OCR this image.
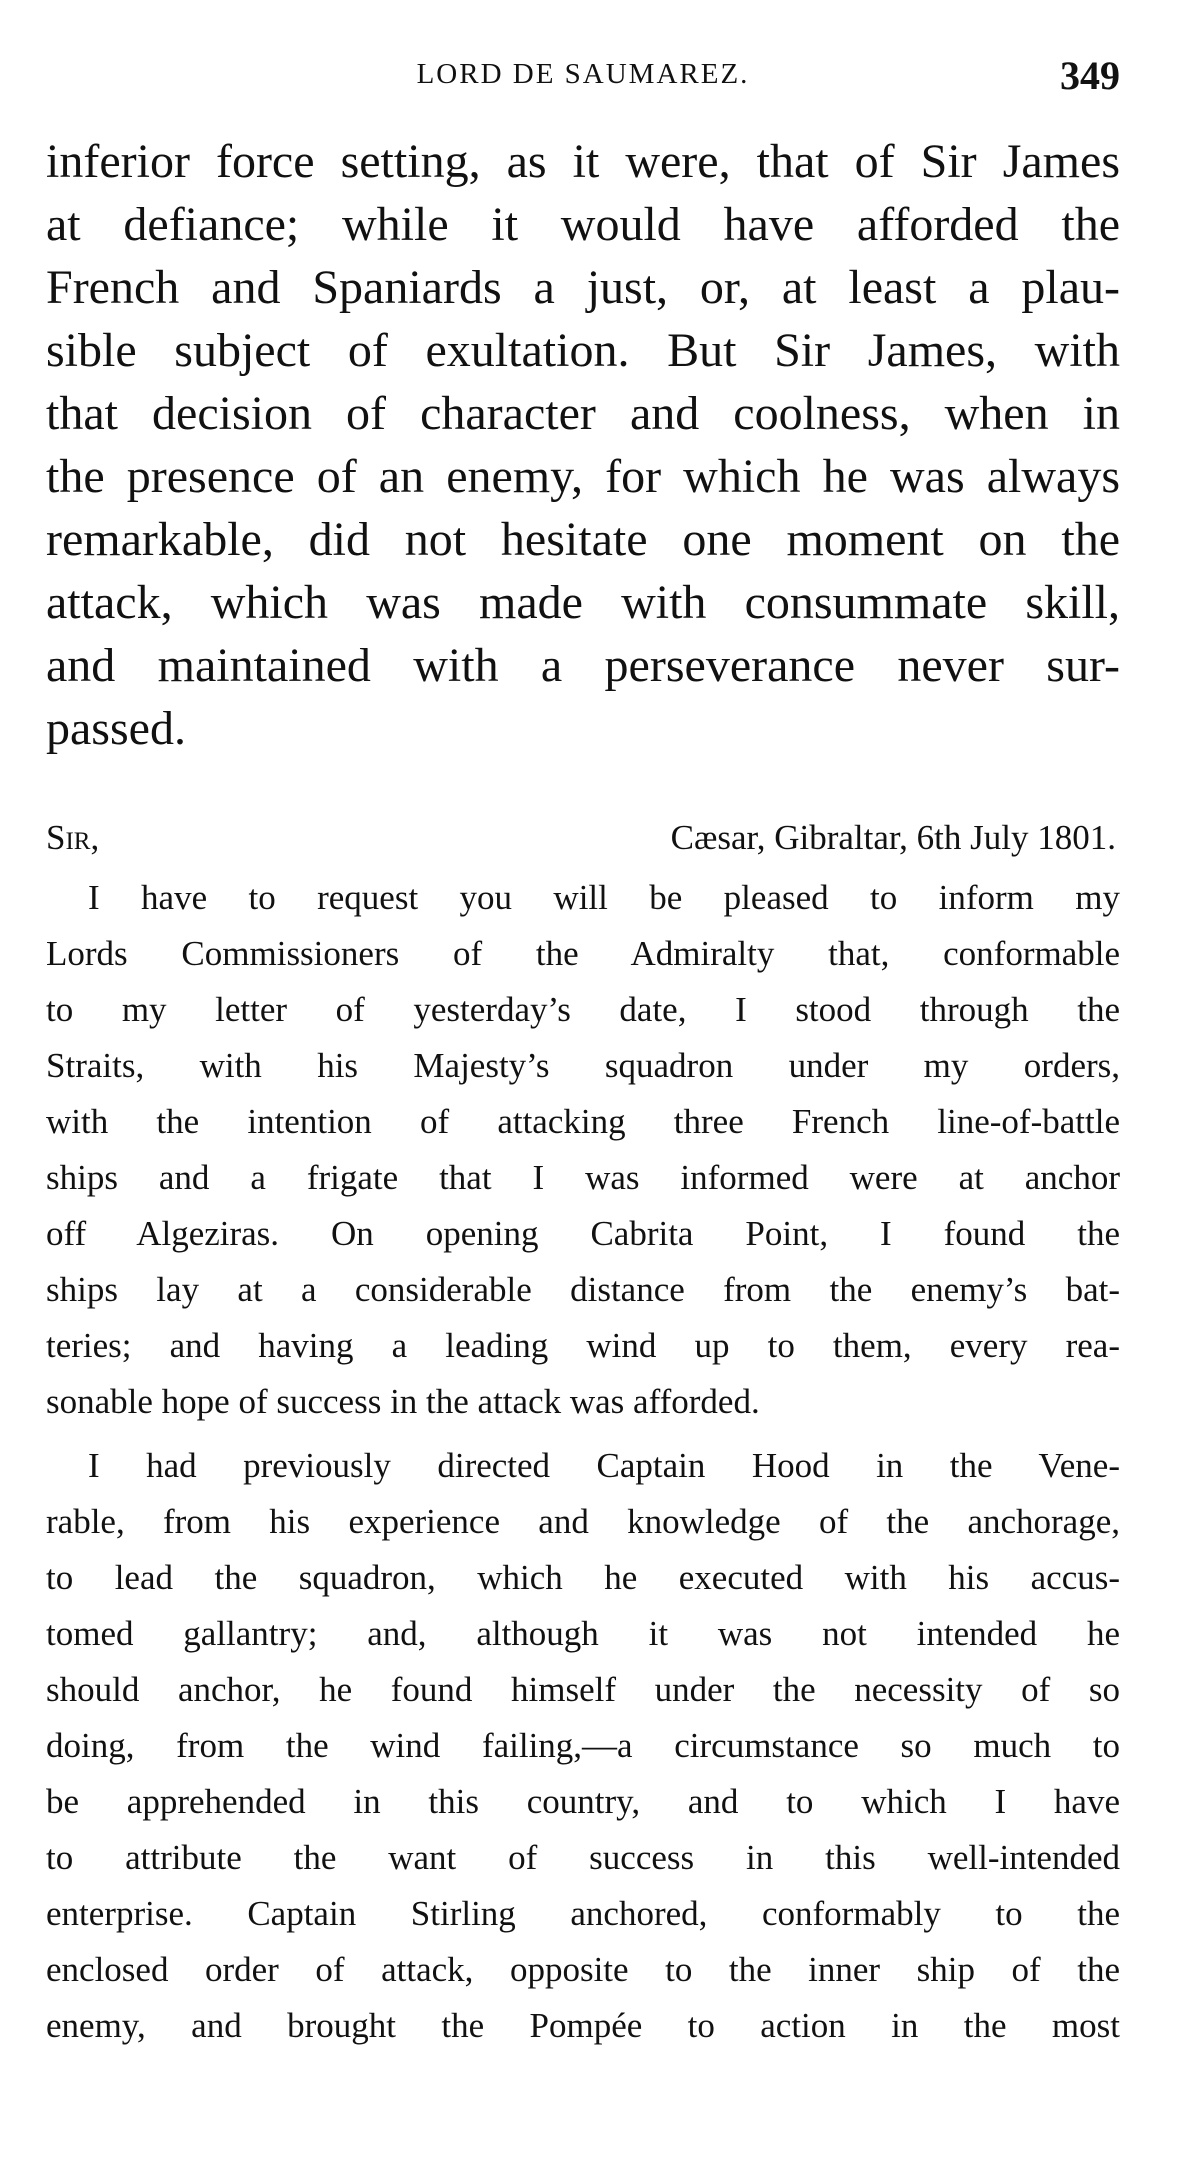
LORD DE SAUMAREZ.	349
inferior force setting, as it were, that of Sir James
at defiance; while it would have afforded the
French and Spaniards a just, or, at least a plau-
sible subject of exultation. But Sir James, with
that decision of character and coolness, when in
the presence of an enemy, for which he was always
remarkable, did not hesitate one moment on the
attack, which was made with consummate skill,
and maintained with a perseverance never sur-
passed.
Sir,	Cæsar, Gibraltar, 6th July 1801.
I have to request you will be pleased to inform my
Lords Commissioners of the Admiralty that, conformable
to my letter of yesterday’s date, I stood through the
Straits, with his Majesty’s squadron under my orders,
with the intention of attacking three French line-of-battle
ships and a frigate that I was informed were at anchor
off Algeziras. On opening Cabrita Point, I found the
ships lay at a considerable distance from the enemy’s bat-
teries; and having a leading wind up to them, every rea-
sonable hope of success in the attack was afforded.
I had previously directed Captain Hood in the Vene-
rable, from his experience and knowledge of the anchorage,
to lead the squadron, which he executed with his accus-
tomed gallantry; and, although it was not intended he
should anchor, he found himself under the necessity of so
doing, from the wind failing,—a circumstance so much to
be apprehended in this country, and to which I have
to attribute the want of success in this well-intended
enterprise. Captain Stirling anchored, conformably to the
enclosed order of attack, opposite to the inner ship of the
enemy, and brought the Pompée to action in the most
